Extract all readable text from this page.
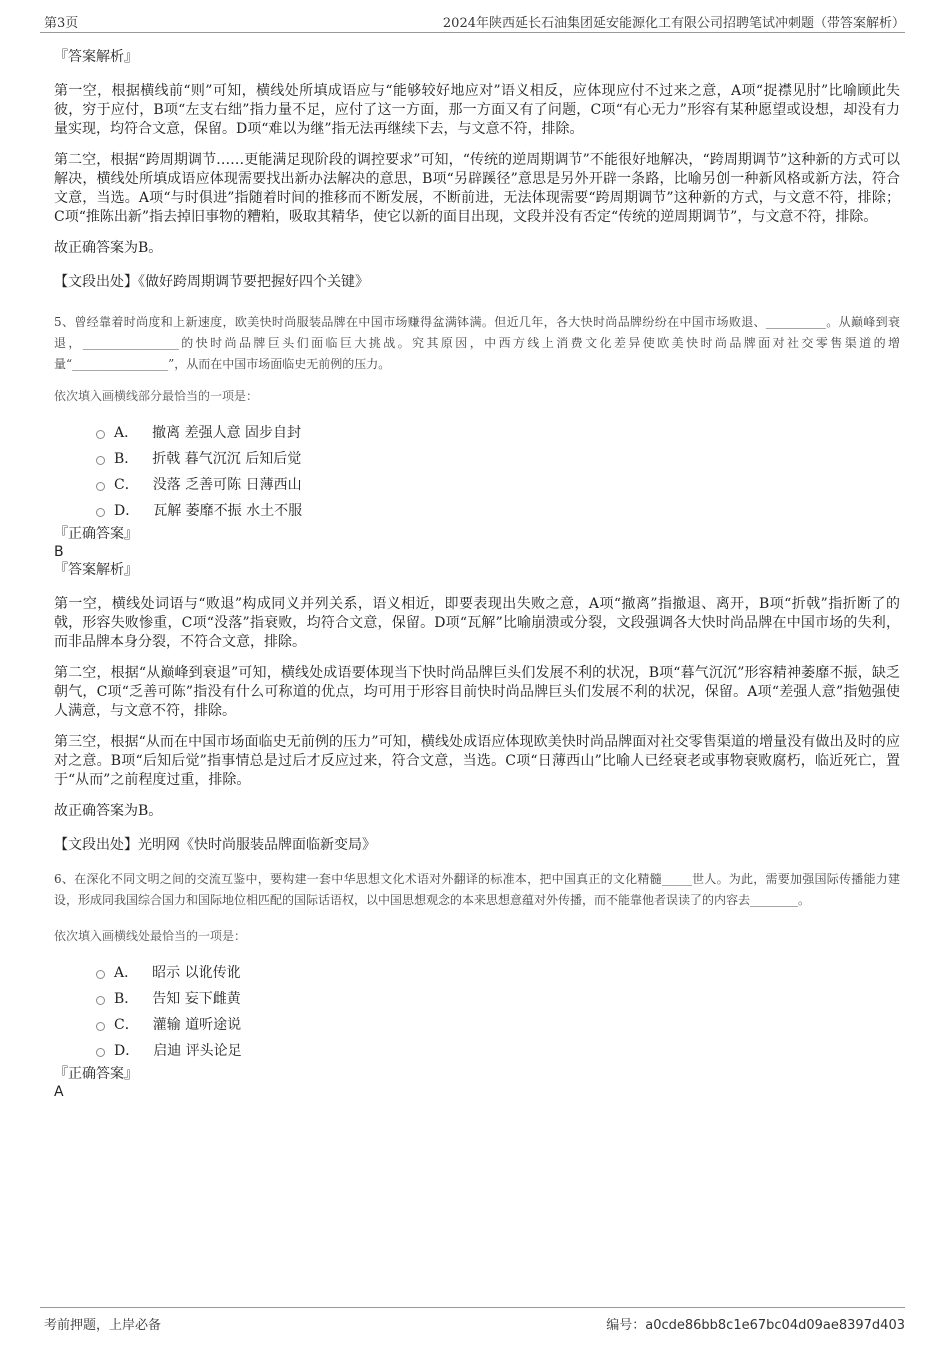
第3页	2024年陕西延长石油集团延安能源化工有限公司招聘笔试冲刺题（带答案解析）

『答案解析』

第一空，根据横线前“则”可知，横线处所填成语应与“能够较好地应对”语义相反，应体现应付不过来之意，A项“捉襟见肘”比喻顾此失彼，穷于应付，B项“左支右绌”指力量不足，应付了这一方面，那一方面又有了问题，C项“有心无力”形容有某种愿望或设想，却没有力量实现，均符合文意，保留。D项“难以为继”指无法再继续下去，与文意不符，排除。

第二空，根据“跨周期调节……更能满足现阶段的调控要求”可知，“传统的逆周期调节”不能很好地解决，“跨周期调节”这种新的方式可以解决，横线处所填成语应体现需要找出新办法解决的意思，B项“另辟蹊径”意思是另外开辟一条路，比喻另创一种新风格或新方法，符合文意，当选。A项“与时俱进”指随着时间的推移而不断发展，不断前进，无法体现需要“跨周期调节”这种新的方式，与文意不符，排除；C项“推陈出新”指去掉旧事物的糟粕，吸取其精华，使它以新的面目出现，文段并没有否定“传统的逆周期调节”，与文意不符，排除。

故正确答案为B。

【文段出处】《做好跨周期调节要把握好四个关键》

5、曾经靠着时尚度和上新速度，欧美快时尚服装品牌在中国市场赚得盆满钵满。但近几年，各大快时尚品牌纷纷在中国市场败退、__________。从巅峰到衰退，________________的快时尚品牌巨头们面临巨大挑战。究其原因，中西方线上消费文化差异使欧美快时尚品牌面对社交零售渠道的增量“________________”，从而在中国市场面临史无前例的压力。

依次填入画横线部分最恰当的一项是：

A． 撤离 差强人意 固步自封
B． 折戟 暮气沉沉 后知后觉
C． 没落 乏善可陈 日薄西山
D． 瓦解 萎靡不振 水土不服

『正确答案』

B

『答案解析』

第一空，横线处词语与“败退”构成同义并列关系，语义相近，即要表现出失败之意，A项“撤离”指撤退、离开，B项“折戟”指折断了的戟，形容失败惨重，C项“没落”指衰败，均符合文意，保留。D项“瓦解”比喻崩溃或分裂，文段强调各大快时尚品牌在中国市场的失利，而非品牌本身分裂，不符合文意，排除。

第二空，根据“从巅峰到衰退”可知，横线处成语要体现当下快时尚品牌巨头们发展不利的状况，B项“暮气沉沉”形容精神萎靡不振，缺乏朝气，C项“乏善可陈”指没有什么可称道的优点，均可用于形容目前快时尚品牌巨头们发展不利的状况，保留。A项“差强人意”指勉强使人满意，与文意不符，排除。

第三空，根据“从而在中国市场面临史无前例的压力”可知，横线处成语应体现欧美快时尚品牌面对社交零售渠道的增量没有做出及时的应对之意。B项“后知后觉”指事情总是过后才反应过来，符合文意，当选。C项“日薄西山”比喻人已经衰老或事物衰败腐朽，临近死亡，置于“从而”之前程度过重，排除。

故正确答案为B。

【文段出处】光明网《快时尚服装品牌面临新变局》

6、在深化不同文明之间的交流互鉴中，要构建一套中华思想文化术语对外翻译的标准本，把中国真正的文化精髓_____世人。为此，需要加强国际传播能力建设，形成同我国综合国力和国际地位相匹配的国际话语权，以中国思想观念的本来思想意蕴对外传播，而不能靠他者误读了的内容去________。

依次填入画横线处最恰当的一项是：

A． 昭示 以讹传讹
B． 告知 妄下雌黄
C． 灌输 道听途说
D． 启迪 评头论足

『正确答案』

A

考前押题，上岸必备	编号：a0cde86bb8c1e67bc04d09ae8397d403
